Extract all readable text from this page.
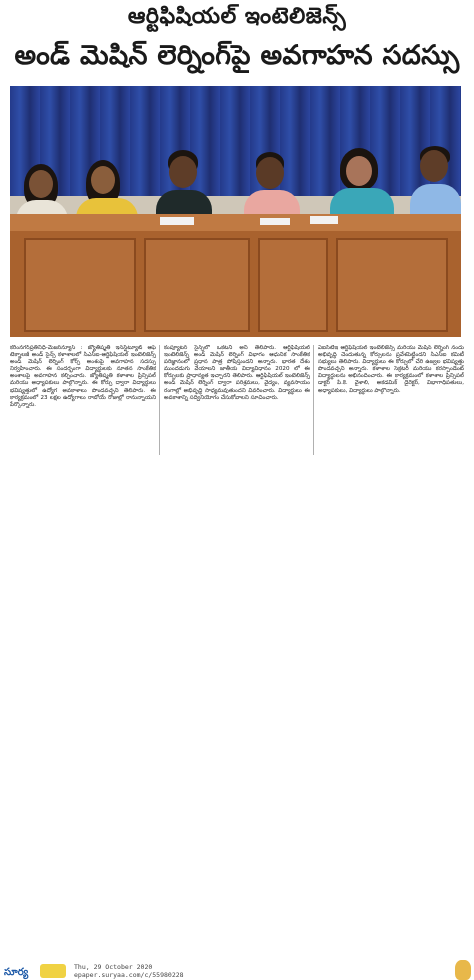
ఆర్టిఫిషియల్ ఇంటెలిజెన్స్
అండ్ మెషిన్ లెర్నింగ్‌పై అవగాహన సదస్సు
కరీంనగర్‌ప్రతినిధి-మేజర్‌న్యూస్ : జ్యోతిష్మతి ఇన్‌స్టిట్యూట్ ఆఫ్ టెక్నాలజీ అండ్ సైన్స్ కళాశాలలో సిఎస్ఐ-ఆర్టిఫిషియల్ ఇంటెలిజెన్స్ అండ్ మెషిన్ లెర్నింగ్ కోర్స్ అంశంపై అవగాహన సదస్సు నిర్వహించారు. ఈ సందర్భంగా విద్యార్థులకు నూతన సాంకేతిక అంశాలపై అవగాహన కల్పించారు. జ్యోతిష్మతి కళాశాల ప్రిన్సిపల్ మరియు అధ్యాపకులు పాల్గొన్నారు. ఈ కోర్సు ద్వారా విద్యార్థులు భవిష్యత్తులో ఉద్యోగ అవకాశాలు పొందవచ్చని తెలిపారు. ఈ కార్యక్రమంలో 23 లక్షల ఉద్యోగాలు రాబోయే రోజుల్లో రానున్నాయని పేర్కొన్నారు.
కంప్యూటర్ సైన్స్‌లో ఒకటని అని తెలిపారు. ఆర్టిఫిషియల్ ఇంటెలిజెన్స్ అండ్ మెషిన్ లెర్నింగ్ విభాగం ఆధునిక సాంకేతిక పరిజ్ఞానంలో ప్రధాన పాత్ర పోషిస్తుందని అన్నారు. భారత దేశం ముందడుగు వేయాలని జాతీయ విద్యావిధానం 2020 లో ఈ కోర్సులకు ప్రాధాన్యత ఇచ్చారని తెలిపారు. ఆర్టిఫిషియల్ ఇంటెలిజెన్స్ అండ్ మెషిన్ లెర్నింగ్ ద్వారా పరిశ్రమలు, వైద్యం, వ్యవసాయం రంగాల్లో అభివృద్ధి సాధ్యమవుతుందని వివరించారు. విద్యార్థులు ఈ అవకాశాన్ని సద్వినియోగం చేసుకోవాలని సూచించారు.
ఏఐసిటిఇ ఆర్టిఫిషియల్ ఇంటెలిజెన్స్ మరియు మెషిన్ లెర్నింగ్ నందు అభివృద్ధి చెందుతున్న కోర్సులను ప్రవేశపెట్టిందని సిఎస్ఐ కమిటీ సభ్యులు తెలిపారు. విద్యార్థులు ఈ కోర్సులో చేరి ఉజ్వల భవిష్యత్తు పొందవచ్చని అన్నారు. కళాశాల సెక్రటరీ మరియు కరస్పాండెంట్ విద్యార్థులను అభినందించారు. ఈ కార్యక్రమంలో కళాశాల ప్రిన్సిపల్ డాక్టర్ పి.కె. వైశాలి, అకడమిక్ డైరెక్టర్, విభాగాధిపతులు, అధ్యాపకులు, విద్యార్థులు పాల్గొన్నారు.
సూర్య	Thu, 29 October 2020
epaper.suryaa.com/c/55980228
